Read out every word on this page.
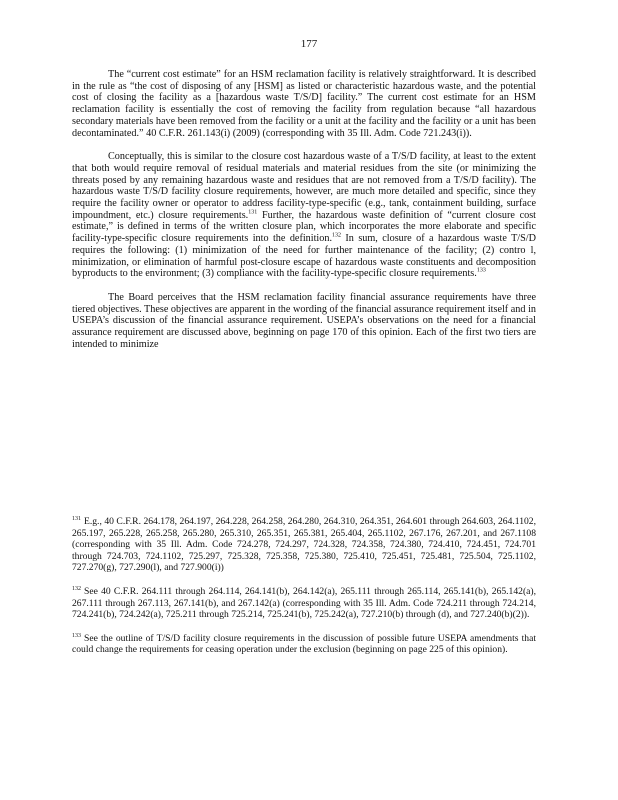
177

The “current cost estimate” for an HSM reclamation facility is relatively straightforward. It is described in the rule as “the cost of disposing of any [HSM] as listed or characteristic hazardous waste, and the potential cost of closing the facility as a [hazardous waste T/S/D] facility.” The current cost estimate for an HSM reclamation facility is essentially the cost of removing the facility from regulation because “all hazardous secondary materials have been removed from the facility or a unit at the facility and the facility or a unit has been decontaminated.” 40 C.F.R. 261.143(i) (2009) (corresponding with 35 Ill. Adm. Code 721.243(i)).

Conceptually, this is similar to the closure cost hazardous waste of a T/S/D facility, at least to the extent that both would require removal of residual materials and material residues from the site (or minimizing the threats posed by any remaining hazardous waste and residues that are not removed from a T/S/D facility). The hazardous waste T/S/D facility closure requirements, however, are much more detailed and specific, since they require the facility owner or operator to address facility-type-specific (e.g., tank, containment building, surface impoundment, etc.) closure requirements.$^{131}$ Further, the hazardous waste definition of “current closure cost estimate,” is defined in terms of the written closure plan, which incorporates the more elaborate and specific facility-type-specific closure requirements into the definition.$^{132}$ In sum, closure of a hazardous waste T/S/D requires the following: (1) minimization of the need for further maintenance of the facility; (2) contro l, minimization, or elimination of harmful post-closure escape of hazardous waste constituents and decomposition byproducts to the environment; (3) compliance with the facility-type-specific closure requirements.$^{133}$

The Board perceives that the HSM reclamation facility financial assurance requirements have three tiered objectives. These objectives are apparent in the wording of the financial assurance requirement itself and in USEPA’s discussion of the financial assurance requirement. USEPA’s observations on the need for a financial assurance requirement are discussed above, beginning on page 170 of this opinion. Each of the first two tiers are intended to minimize

$^{131}$ E.g., 40 C.F.R. 264.178, 264.197, 264.228, 264.258, 264.280, 264.310, 264.351, 264.601 through 264.603, 264.1102, 265.197, 265.228, 265.258, 265.280, 265.310, 265.351, 265.381, 265.404, 265.1102, 267.176, 267.201, and 267.1108 (corresponding with 35 Ill. Adm. Code 724.278, 724.297, 724.328, 724.358, 724.380, 724.410, 724.451, 724.701 through 724.703, 724.1102, 725.297, 725.328, 725.358, 725.380, 725.410, 725.451, 725.481, 725.504, 725.1102, 727.270(g), 727.290(l), and 727.900(i))

$^{132}$ See 40 C.F.R. 264.111 through 264.114, 264.141(b), 264.142(a), 265.111 through 265.114, 265.141(b), 265.142(a), 267.111 through 267.113, 267.141(b), and 267.142(a) (corresponding with 35 Ill. Adm. Code 724.211 through 724.214, 724.241(b), 724.242(a), 725.211 through 725.214, 725.241(b), 725.242(a), 727.210(b) through (d), and 727.240(b)(2)).

$^{133}$ See the outline of T/S/D facility closure requirements in the discussion of possible future USEPA amendments that could change the requirements for ceasing operation under the exclusion (beginning on page 225 of this opinion).
